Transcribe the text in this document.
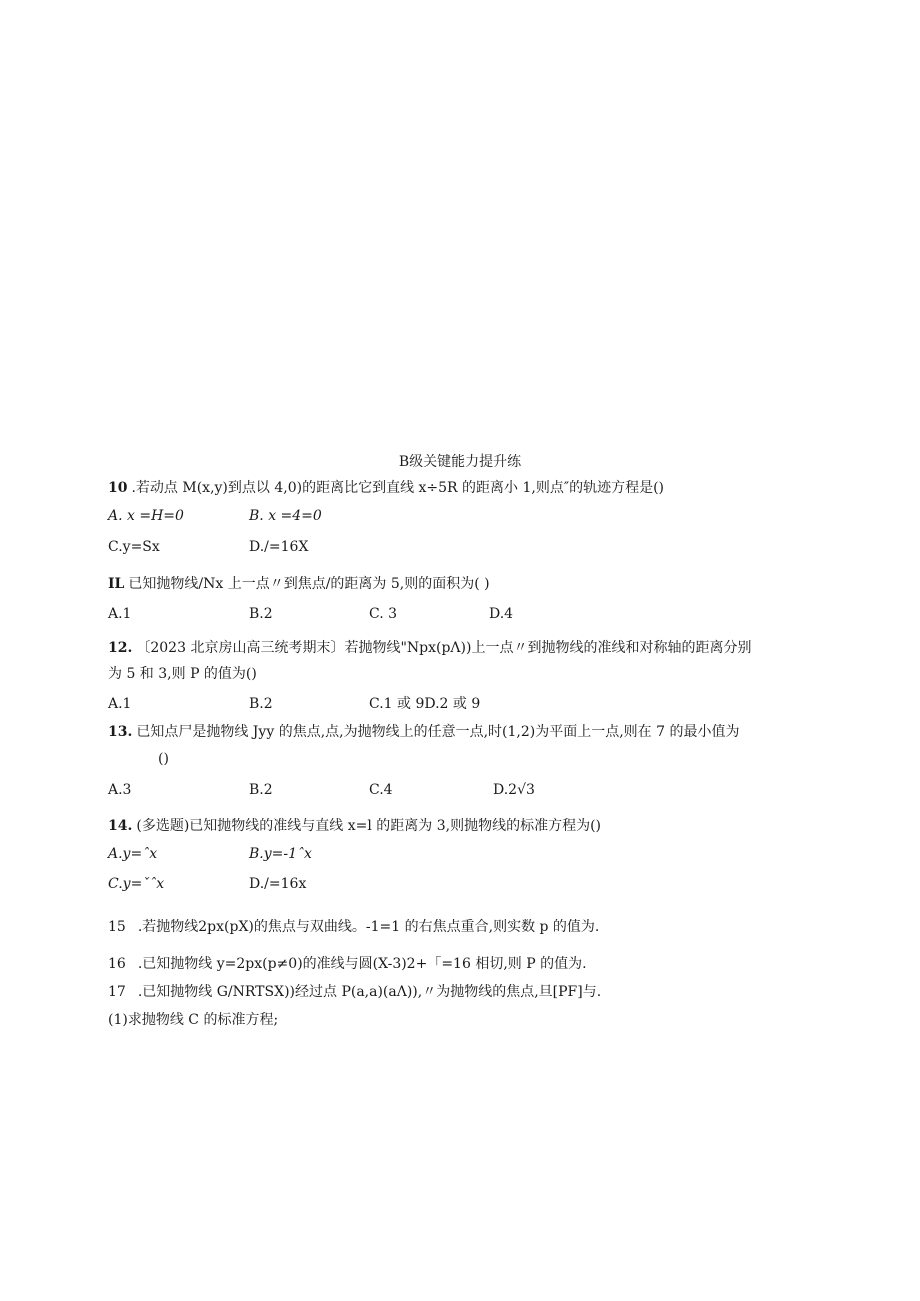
B级关键能力提升练
10 .若动点 M(x,y)到点以 4,0)的距离比它到直线 x÷5R 的距离小 1,则点″的轨迹方程是()
A. x =H=0	B. x =4=0
C.y=Sx	D./=16X
IL 已知抛物线/Nx 上一点〃到焦点/的距离为 5,则的面积为( )
A.1	B.2	C. 3	D.4
12. 〔2023 北京房山高三统考期末〕若抛物线"Npx(pΛ))上一点〃到抛物线的准线和对称轴的距离分别
为 5 和 3,则 P 的值为()
A.1	B.2	C.1 或 9D.2 或 9
13. 已知点尸是抛物线 Jyy 的焦点,点,为抛物线上的任意一点,时(1,2)为平面上一点,则在 7 的最小值为
()
A.3	B.2	C.4	D.2√3
14. (多选题)已知抛物线的准线与直线 x=l 的距离为 3,则抛物线的标准方程为()
A.y=ˆx	B.y=-1ˆx
C.y=ˇˆx	D./=16x
15 .若抛物线2px(pX)的焦点与双曲线。-1=1 的右焦点重合,则实数 p 的值为.
16 .已知抛物线 y=2px(p≠0)的准线与圆(X-3)2+「=16 相切,则 P 的值为.
17 .已知抛物线 G/NRTSX))经过点 P(a,a)(aΛ)),〃为抛物线的焦点,旦[PF]与.
(1)求抛物线 C 的标准方程;
